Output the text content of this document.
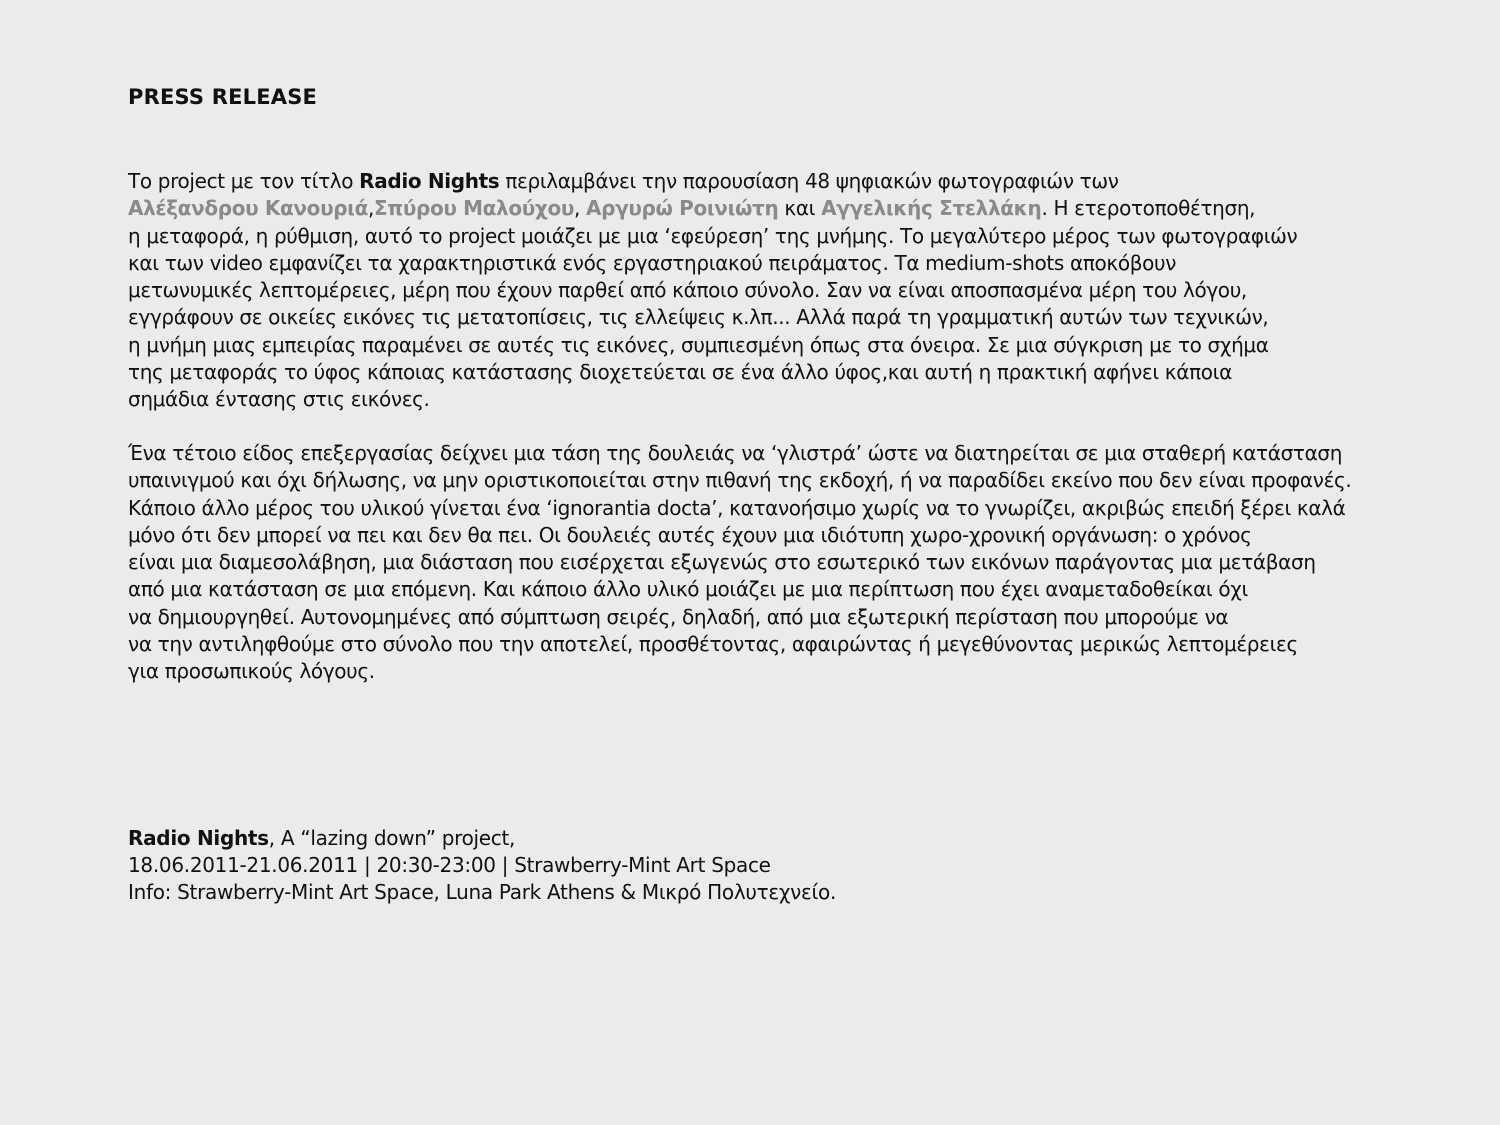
PRESS RELEASE
Το project με τον τίτλο Radio Nights περιλαμβάνει την παρουσίαση 48 ψηφιακών φωτογραφιών των
Αλέξανδρου Κανουριά,Σπύρου Μαλούχου, Αργυρώ Ροινιώτη και Αγγελικής Στελλάκη. Η ετεροτοποθέτηση,
η μεταφορά, η ρύθμιση, αυτό το project μοιάζει με μια ‘εφεύρεση’ της μνήμης. Το μεγαλύτερο μέρος των φωτογραφιών
και των video εμφανίζει τα χαρακτηριστικά ενός εργαστηριακού πειράματος. Τα medium-shots αποκόβουν
μετωνυμικές λεπτομέρειες, μέρη που έχουν παρθεί από κάποιο σύνολο. Σαν να είναι αποσπασμένα μέρη του λόγου,
εγγράφουν σε οικείες εικόνες τις μετατοπίσεις, τις ελλείψεις κ.λπ... Αλλά παρά τη γραμματική αυτών των τεχνικών,
η μνήμη μιας εμπειρίας παραμένει σε αυτές τις εικόνες, συμπιεσμένη όπως στα όνειρα. Σε μια σύγκριση με το σχήμα
της μεταφοράς το ύφος κάποιας κατάστασης διοχετεύεται σε ένα άλλο ύφος,και αυτή η πρακτική αφήνει κάποια
σημάδια έντασης στις εικόνες.
Ένα τέτοιο είδος επεξεργασίας δείχνει μια τάση της δουλειάς να ‘γλιστρά’ ώστε να διατηρείται σε μια σταθερή κατάσταση
υπαινιγμού και όχι δήλωσης, να μην οριστικοποιείται στην πιθανή της εκδοχή, ή να παραδίδει εκείνο που δεν είναι προφανές.
Κάποιο άλλο μέρος του υλικού γίνεται ένα ‘ignorantia docta’, κατανοήσιμο χωρίς να το γνωρίζει, ακριβώς επειδή ξέρει καλά
μόνο ότι δεν μπορεί να πει και δεν θα πει. Οι δουλειές αυτές έχουν μια ιδιότυπη χωρο-χρονική οργάνωση: ο χρόνος
είναι μια διαμεσολάβηση, μια διάσταση που εισέρχεται εξωγενώς στο εσωτερικό των εικόνων παράγοντας μια μετάβαση
από μια κατάσταση σε μια επόμενη. Και κάποιο άλλο υλικό μοιάζει με μια περίπτωση που έχει αναμεταδοθείκαι όχι
να δημιουργηθεί. Αυτονομημένες από σύμπτωση σειρές, δηλαδή, από μια εξωτερική περίσταση που μπορούμε να
να την αντιληφθούμε στο σύνολο που την αποτελεί, προσθέτοντας, αφαιρώντας ή μεγεθύνοντας μερικώς λεπτομέρειες
για προσωπικούς λόγους.
Radio Nights, A “lazing down” project,
18.06.2011-21.06.2011 | 20:30-23:00 | Strawberry-Mint Art Space
Info: Strawberry-Mint Art Space, Luna Park Athens & Μικρό Πολυτεχνείο.
